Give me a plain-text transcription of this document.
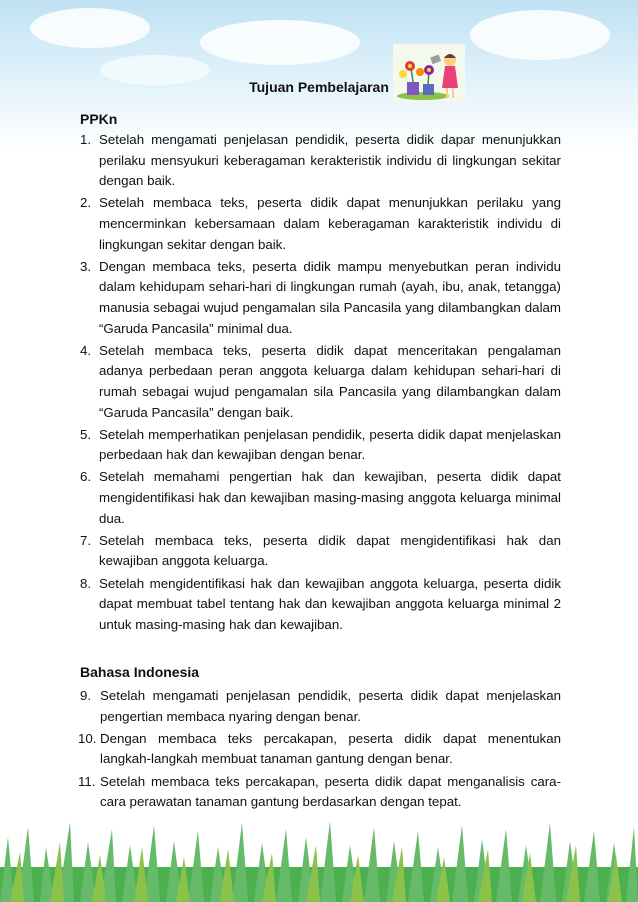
Tujuan Pembelajaran
PPKn
1. Setelah mengamati penjelasan pendidik, peserta didik dapar menunjukkan perilaku mensyukuri keberagaman kerakteristik individu di lingkungan sekitar dengan baik.
2. Setelah membaca teks, peserta didik dapat menunjukkan perilaku yang mencerminkan kebersamaan dalam keberagaman karakteristik individu di lingkungan sekitar dengan baik.
3. Dengan membaca teks, peserta didik mampu menyebutkan peran individu dalam kehidupam sehari-hari di lingkungan rumah (ayah, ibu, anak, tetangga) manusia sebagai wujud pengamalan sila Pancasila yang dilambangkan dalam “Garuda Pancasila” minimal dua.
4. Setelah membaca teks, peserta didik dapat menceritakan pengalaman adanya perbedaan peran anggota keluarga dalam kehidupan sehari-hari di rumah sebagai wujud pengamalan sila Pancasila yang dilambangkan dalam “Garuda Pancasila” dengan baik.
5. Setelah memperhatikan penjelasan pendidik, peserta didik dapat menjelaskan perbedaan hak dan kewajiban dengan benar.
6. Setelah memahami pengertian hak dan kewajiban, peserta didik dapat mengidentifikasi hak dan kewajiban masing-masing anggota keluarga minimal dua.
7. Setelah membaca teks, peserta didik dapat mengidentifikasi hak dan kewajiban anggota keluarga.
8. Setelah mengidentifikasi hak dan kewajiban anggota keluarga, peserta didik dapat membuat tabel tentang hak dan kewajiban anggota keluarga minimal 2 untuk masing-masing hak dan kewajiban.
Bahasa Indonesia
9. Setelah mengamati penjelasan pendidik, peserta didik dapat menjelaskan pengertian membaca nyaring dengan benar.
10. Dengan membaca teks percakapan, peserta didik dapat menentukan langkah-langkah membuat tanaman gantung dengan benar.
11. Setelah membaca teks percakapan, peserta didik dapat menganalisis cara-cara perawatan tanaman gantung berdasarkan dengan tepat.
